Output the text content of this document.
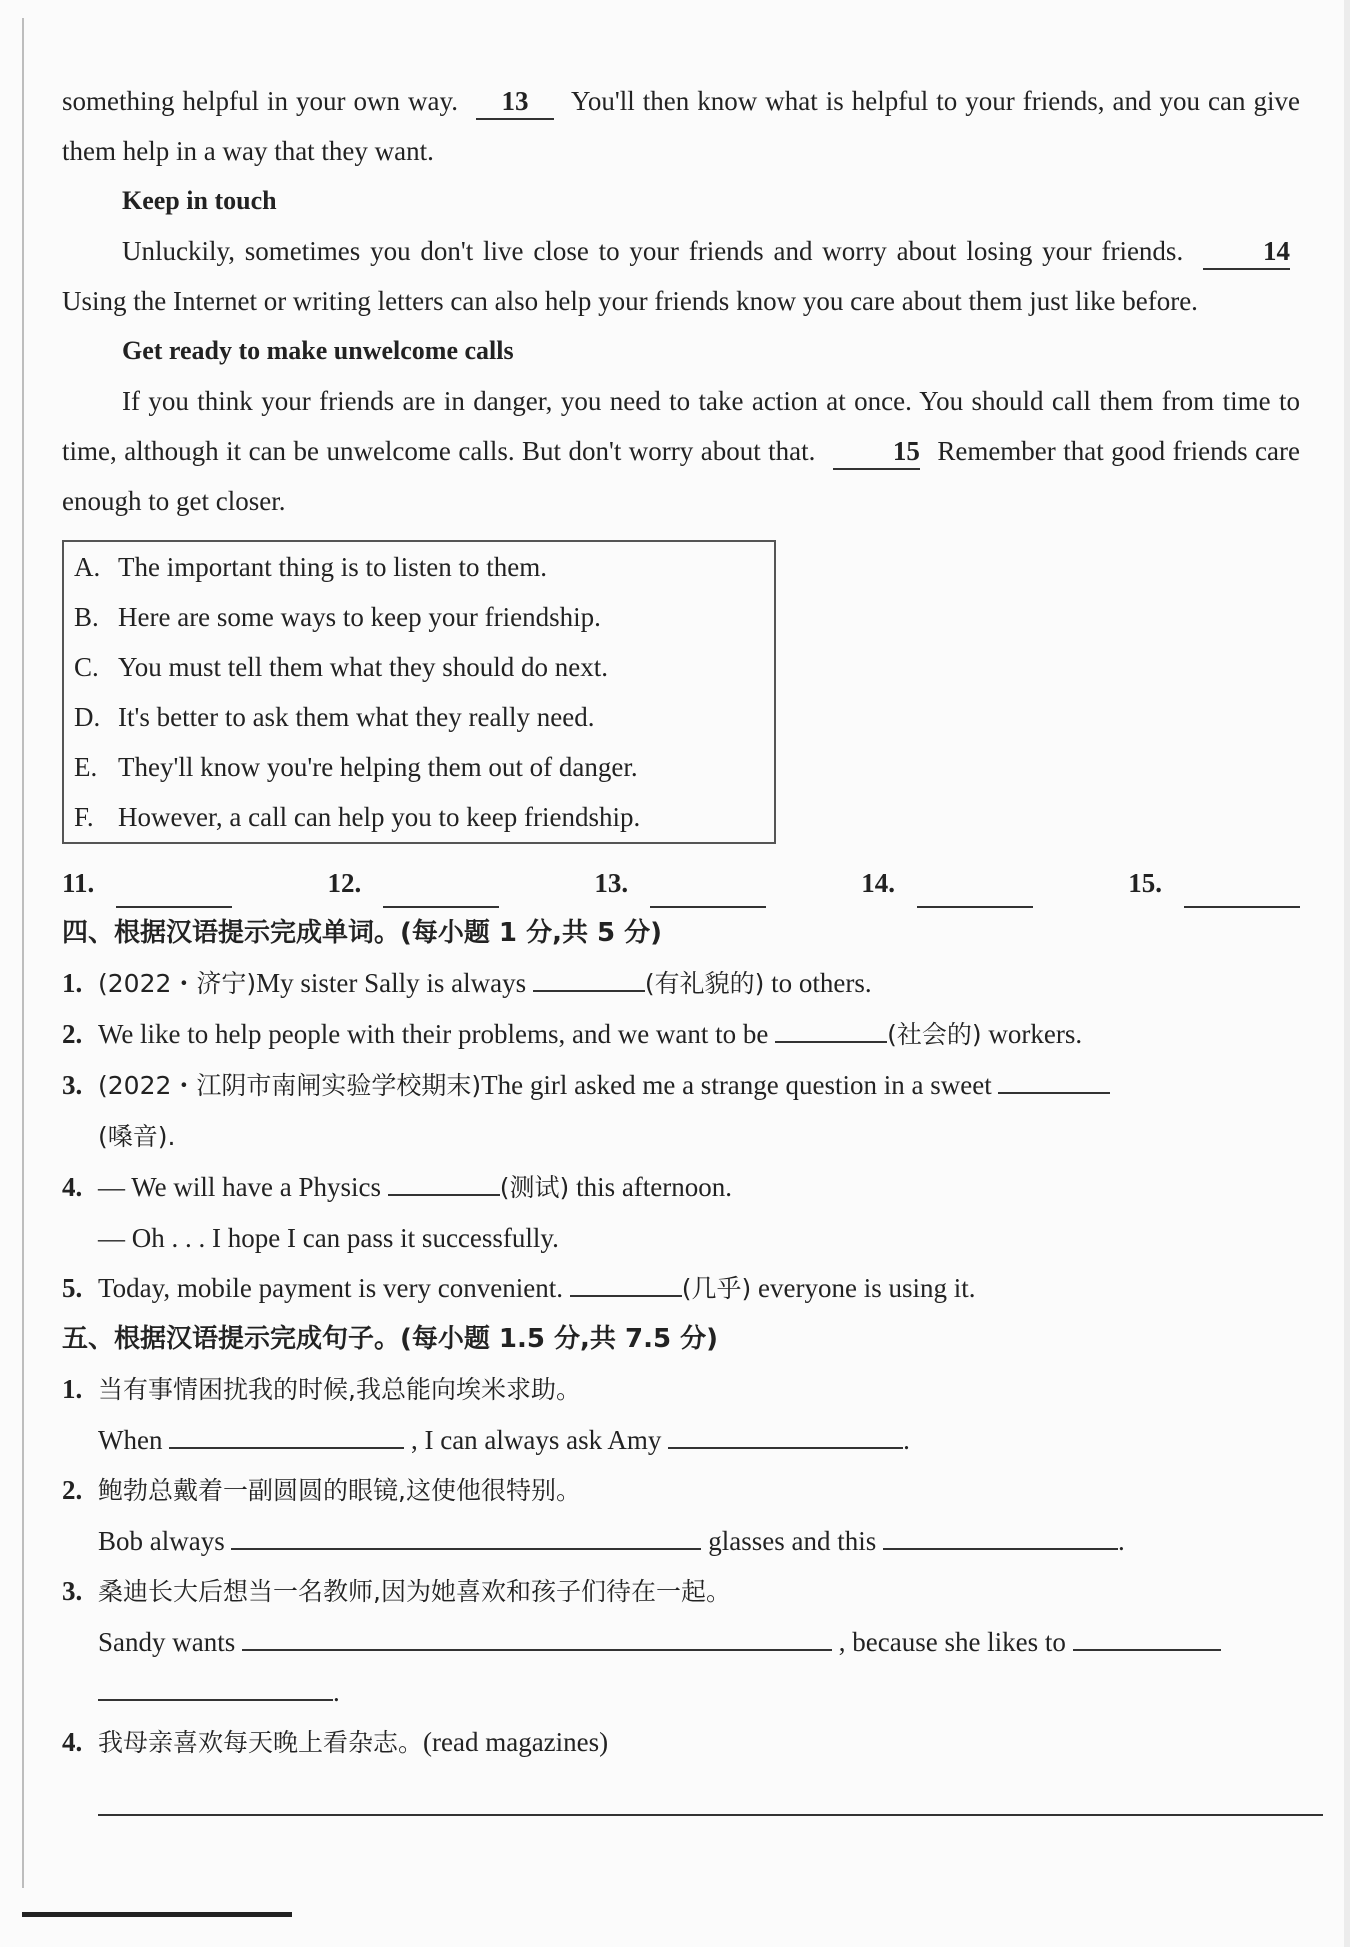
something helpful in your own way. 13 You'll then know what is helpful to your friends, and you can give them help in a way that they want.
Keep in touch
Unluckily, sometimes you don't live close to your friends and worry about losing your friends.	14 Using the Internet or writing letters can also help your friends know you care about them just like before.
Get ready to make unwelcome calls
If you think your friends are in danger, you need to take action at once. You should call them from time to time, although it can be unwelcome calls. But don't worry about that.	15 Remember that good friends care enough to get closer.
A. The important thing is to listen to them.
B. Here are some ways to keep your friendship.
C. You must tell them what they should do next.
D. It's better to ask them what they really need.
E. They'll know you're helping them out of danger.
F. However, a call can help you to keep friendship.
11.	12.	13.	14.	15.
四、根据汉语提示完成单词。(每小题 1 分,共 5 分)
1. (2022・济宁)My sister Sally is always	(有礼貌的) to others.
2. We like to help people with their problems, and we want to be	(社会的) workers.
3. (2022・江阴市南闸实验学校期末)The girl asked me a strange question in a sweet
(嗓音).
4. — We will have a Physics	(测试) this afternoon.
— Oh . . . I hope I can pass it successfully.
5. Today, mobile payment is very convenient.	(几乎) everyone is using it.
五、根据汉语提示完成句子。(每小题 1.5 分,共 7.5 分)
1. 当有事情困扰我的时候,我总能向埃米求助。
When	, I can always ask Amy	.
2. 鲍勃总戴着一副圆圆的眼镜,这使他很特别。
Bob always	glasses and this	.
3. 桑迪长大后想当一名教师,因为她喜欢和孩子们待在一起。
Sandy wants	, because she likes to
.
4. 我母亲喜欢每天晚上看杂志。(read magazines)
